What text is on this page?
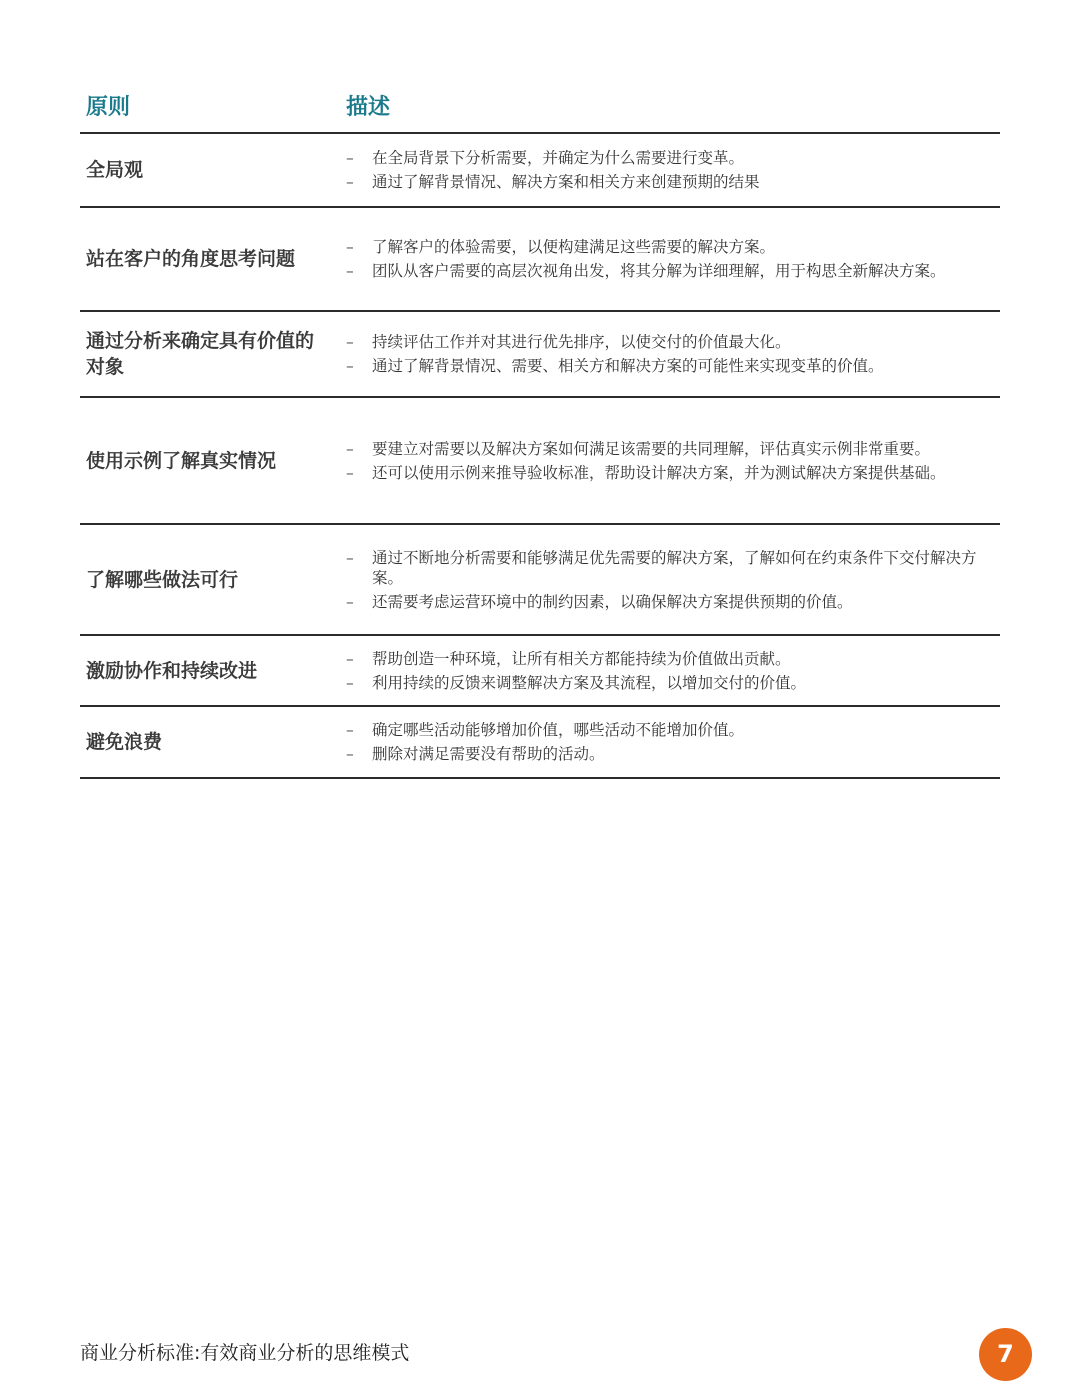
原则	描述
全局观
–	在全局背景下分析需要，并确定为什么需要进行变革。
–	通过了解背景情况、解决方案和相关方来创建预期的结果
站在客户的角度思考问题
–	了解客户的体验需要，以便构建满足这些需要的解决方案。
–	团队从客户需要的高层次视角出发，将其分解为详细理解，用于构思全新解决方案。
通过分析来确定具有价值的对象
–	持续评估工作并对其进行优先排序，以使交付的价值最大化。
–	通过了解背景情况、需要、相关方和解决方案的可能性来实现变革的价值。
使用示例了解真实情况
–	要建立对需要以及解决方案如何满足该需要的共同理解，评估真实示例非常重要。
–	还可以使用示例来推导验收标准，帮助设计解决方案，并为测试解决方案提供基础。
了解哪些做法可行
–	通过不断地分析需要和能够满足优先需要的解决方案，了解如何在约束条件下交付解决方案。
–	还需要考虑运营环境中的制约因素，以确保解决方案提供预期的价值。
激励协作和持续改进
–	帮助创造一种环境，让所有相关方都能持续为价值做出贡献。
–	利用持续的反馈来调整解决方案及其流程，以增加交付的价值。
避免浪费
–	确定哪些活动能够增加价值，哪些活动不能增加价值。
–	删除对满足需要没有帮助的活动。
商业分析标准:有效商业分析的思维模式	7
